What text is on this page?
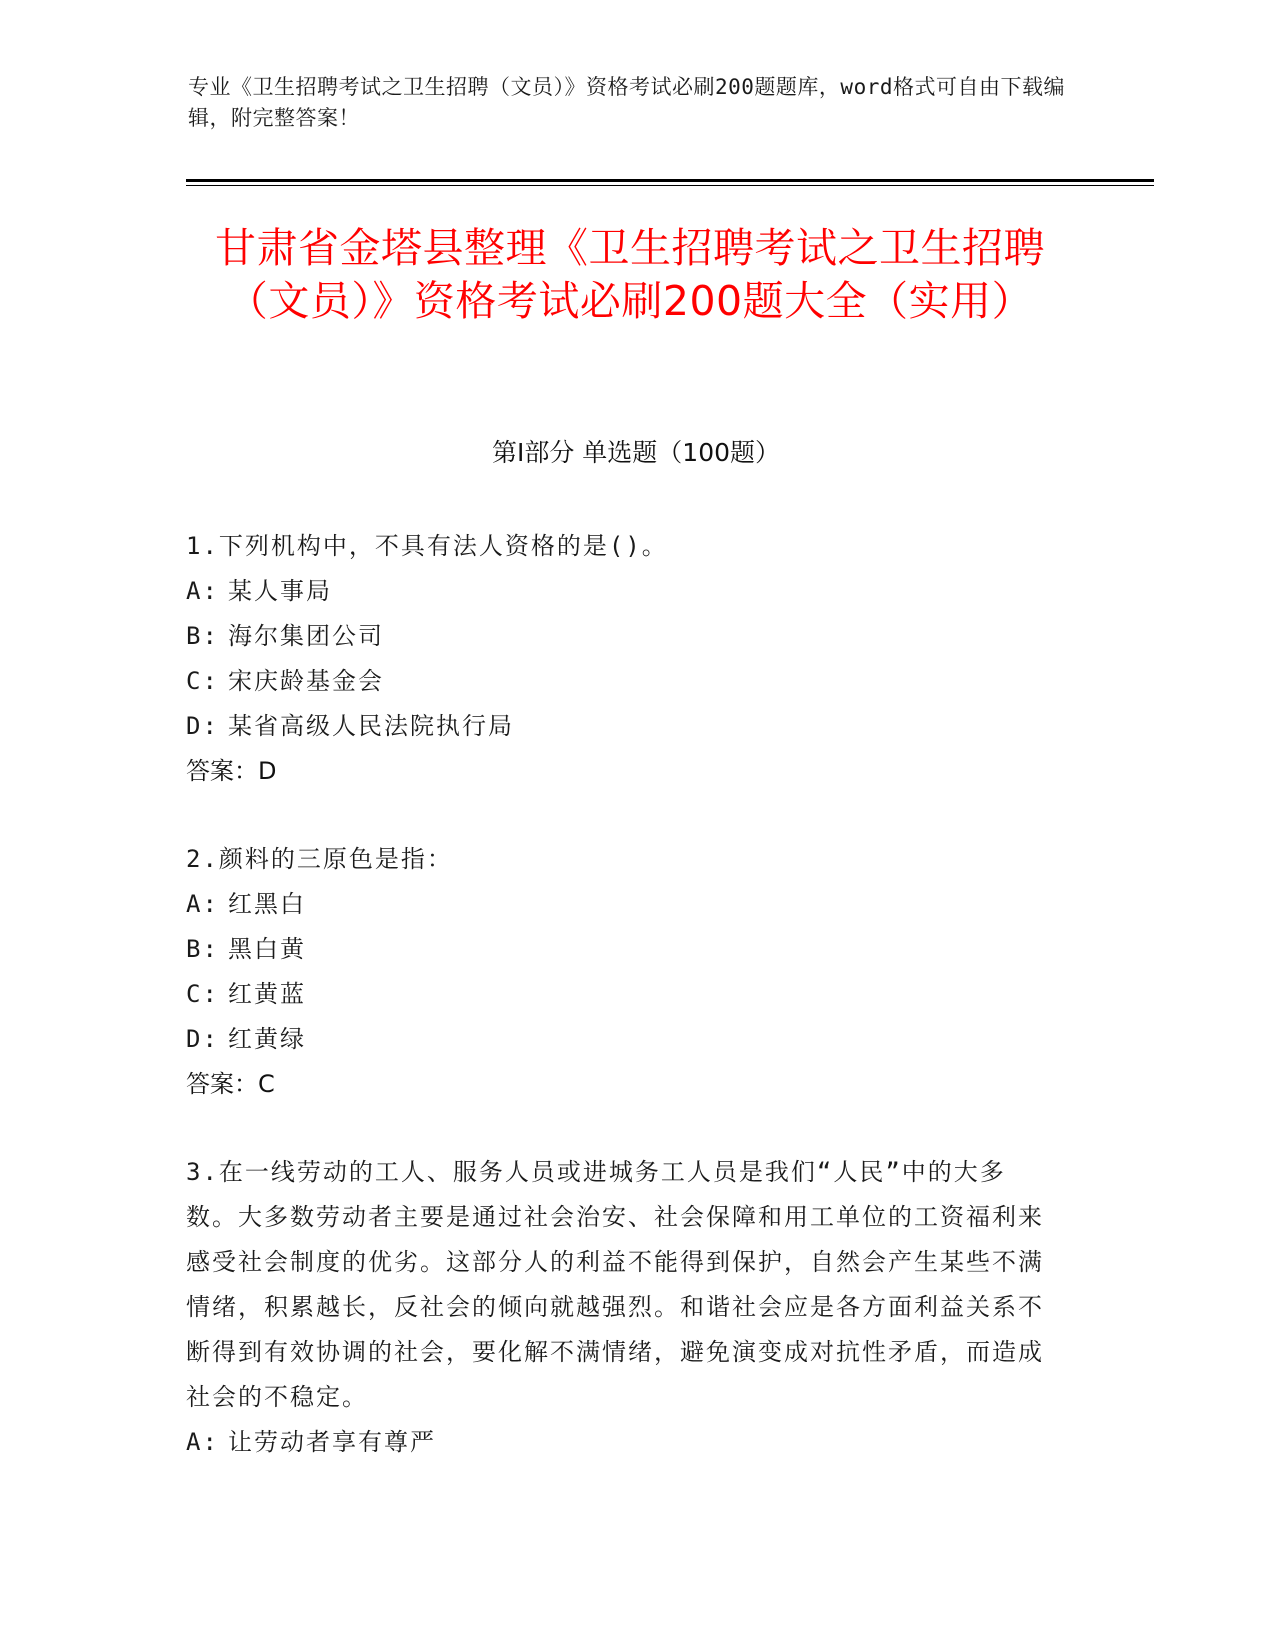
专业《卫生招聘考试之卫生招聘（文员）》资格考试必刷200题题库，word格式可自由下载编辑，附完整答案！
甘肃省金塔县整理《卫生招聘考试之卫生招聘（文员）》资格考试必刷200题大全（实用）
第I部分 单选题（100题）

1.下列机构中，不具有法人资格的是()。

A: 某人事局

B: 海尔集团公司

C: 宋庆龄基金会

D: 某省高级人民法院执行局

答案：D

2.颜料的三原色是指：

A: 红黑白

B: 黑白黄

C: 红黄蓝

D: 红黄绿

答案：C

3.在一线劳动的工人、服务人员或进城务工人员是我们“人民”中的大多数。大多数劳动者主要是通过社会治安、社会保障和用工单位的工资福利来感受社会制度的优劣。这部分人的利益不能得到保护，自然会产生某些不满情绪，积累越长，反社会的倾向就越强烈。和谐社会应是各方面利益关系不断得到有效协调的社会，要化解不满情绪，避免演变成对抗性矛盾，而造成社会的不稳定。

A: 让劳动者享有尊严
